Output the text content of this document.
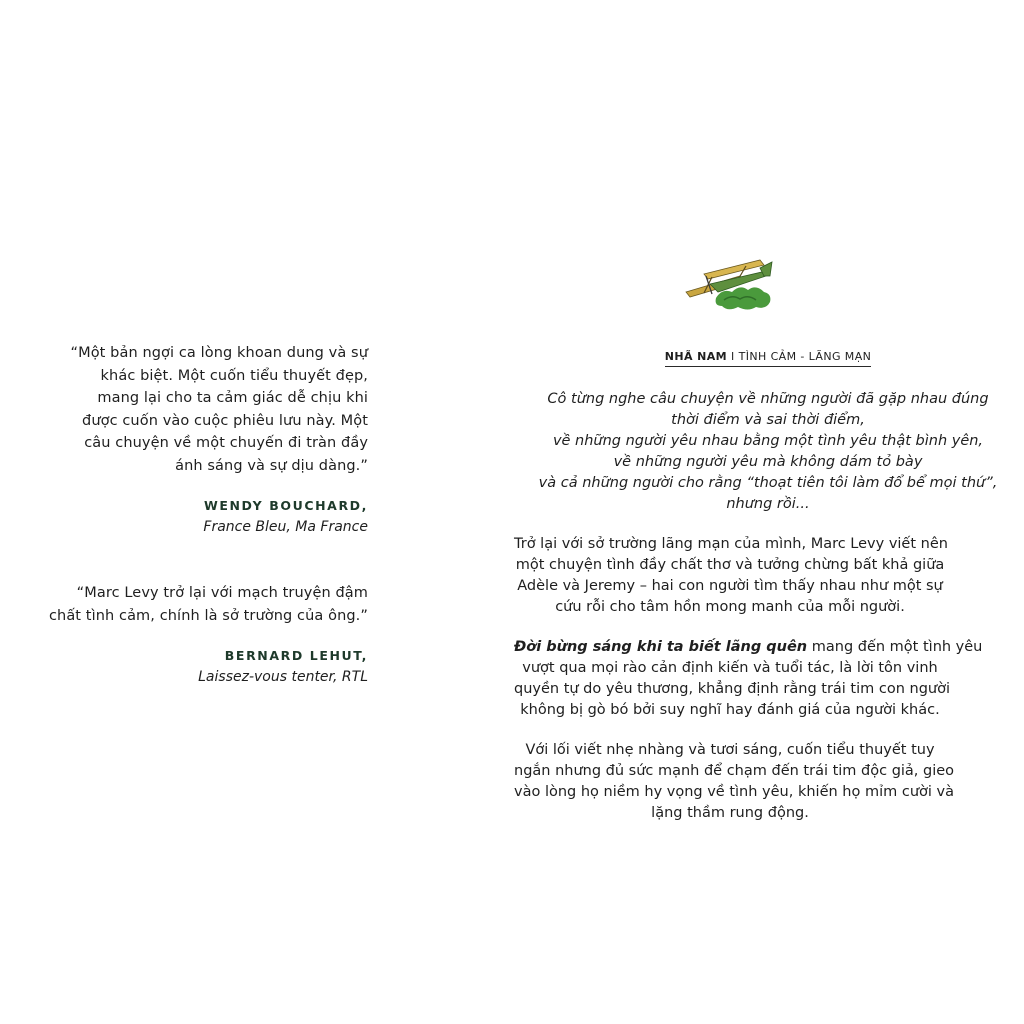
“Một bản ngợi ca lòng khoan dung và sự
khác biệt. Một cuốn tiểu thuyết đẹp,
mang lại cho ta cảm giác dễ chịu khi
được cuốn vào cuộc phiêu lưu này. Một
câu chuyện về một chuyến đi tràn đầy
ánh sáng và sự dịu dàng.”
WENDY BOUCHARD,
France Bleu, Ma France
“Marc Levy trở lại với mạch truyện đậm
chất tình cảm, chính là sở trường của ông.”
BERNARD LEHUT,
Laissez-vous tenter, RTL
NHÃ NAM I TÌNH CẢM - LÃNG MẠN
Cô từng nghe câu chuyện về những người đã gặp nhau đúng
thời điểm và sai thời điểm,
về những người yêu nhau bằng một tình yêu thật bình yên,
về những người yêu mà không dám tỏ bày
và cả những người cho rằng “thoạt tiên tôi làm đổ bể mọi thứ”,
nhưng rồi...
Trở lại với sở trường lãng mạn của mình, Marc Levy viết nên
một chuyện tình đầy chất thơ và tưởng chừng bất khả giữa
Adèle và Jeremy – hai con người tìm thấy nhau như một sự
cứu rỗi cho tâm hồn mong manh của mỗi người.
Đời bừng sáng khi ta biết lãng quên mang đến một tình yêu
vượt qua mọi rào cản định kiến và tuổi tác, là lời tôn vinh
quyền tự do yêu thương, khẳng định rằng trái tim con người
không bị gò bó bởi suy nghĩ hay đánh giá của người khác.
Với lối viết nhẹ nhàng và tươi sáng, cuốn tiểu thuyết tuy
ngắn nhưng đủ sức mạnh để chạm đến trái tim độc giả, gieo
vào lòng họ niềm hy vọng về tình yêu, khiến họ mỉm cười và
lặng thầm rung động.
